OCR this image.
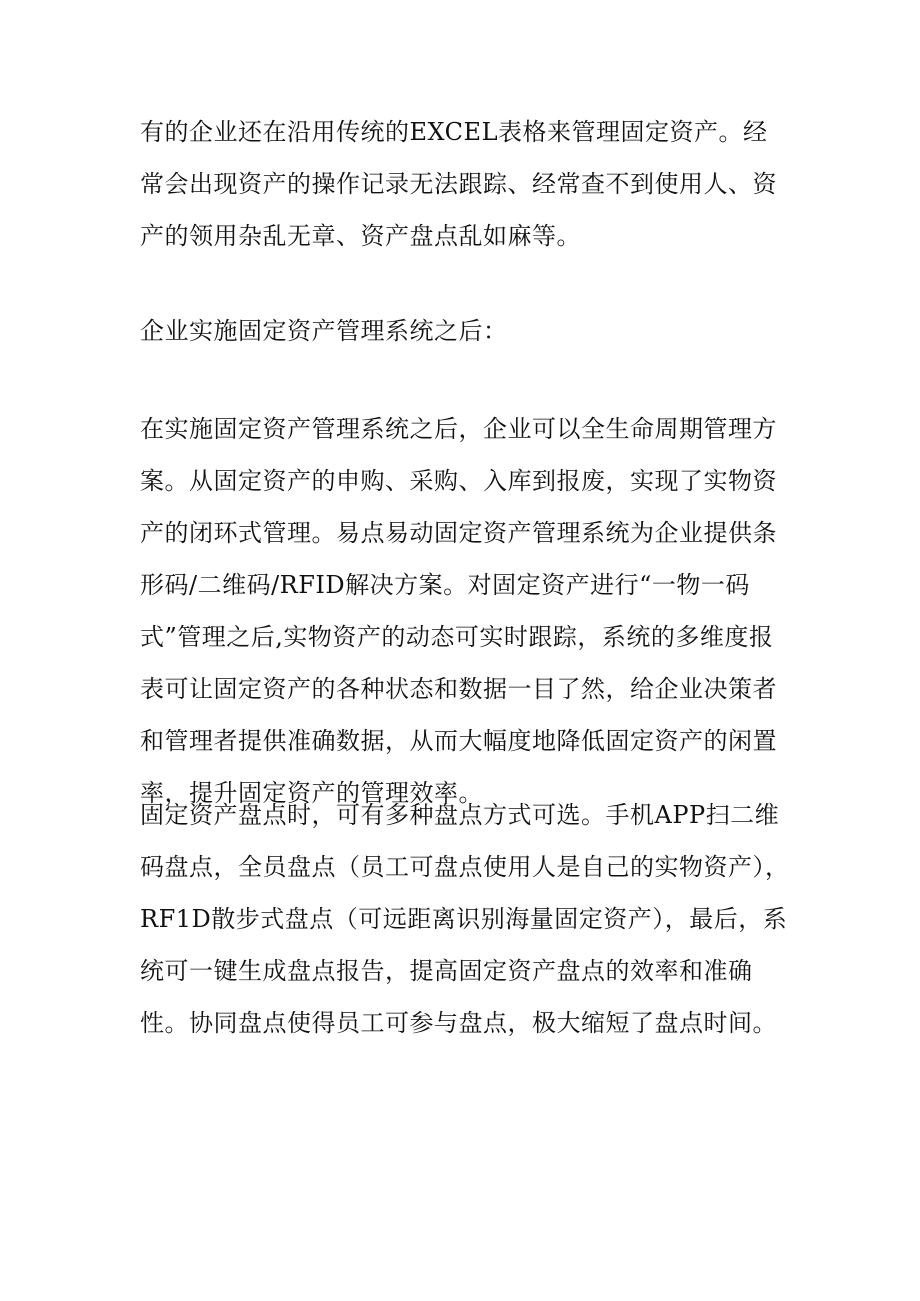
有的企业还在沿用传统的EXCEL表格来管理固定资产。经常会出现资产的操作记录无法跟踪、经常查不到使用人、资产的领用杂乱无章、资产盘点乱如麻等。

企业实施固定资产管理系统之后：

在实施固定资产管理系统之后，企业可以全生命周期管理方案。从固定资产的申购、采购、入库到报废，实现了实物资产的闭环式管理。易点易动固定资产管理系统为企业提供条形码/二维码/RFID解决方案。对固定资产进行“一物一码式”管理之后,实物资产的动态可实时跟踪，系统的多维度报表可让固定资产的各种状态和数据一目了然，给企业决策者和管理者提供准确数据，从而大幅度地降低固定资产的闲置率，提升固定资产的管理效率。

固定资产盘点时，可有多种盘点方式可选。手机APP扫二维码盘点，全员盘点（员工可盘点使用人是自己的实物资产），RF1D散步式盘点（可远距离识别海量固定资产），最后，系统可一键生成盘点报告，提高固定资产盘点的效率和准确性。协同盘点使得员工可参与盘点，极大缩短了盘点时间。
